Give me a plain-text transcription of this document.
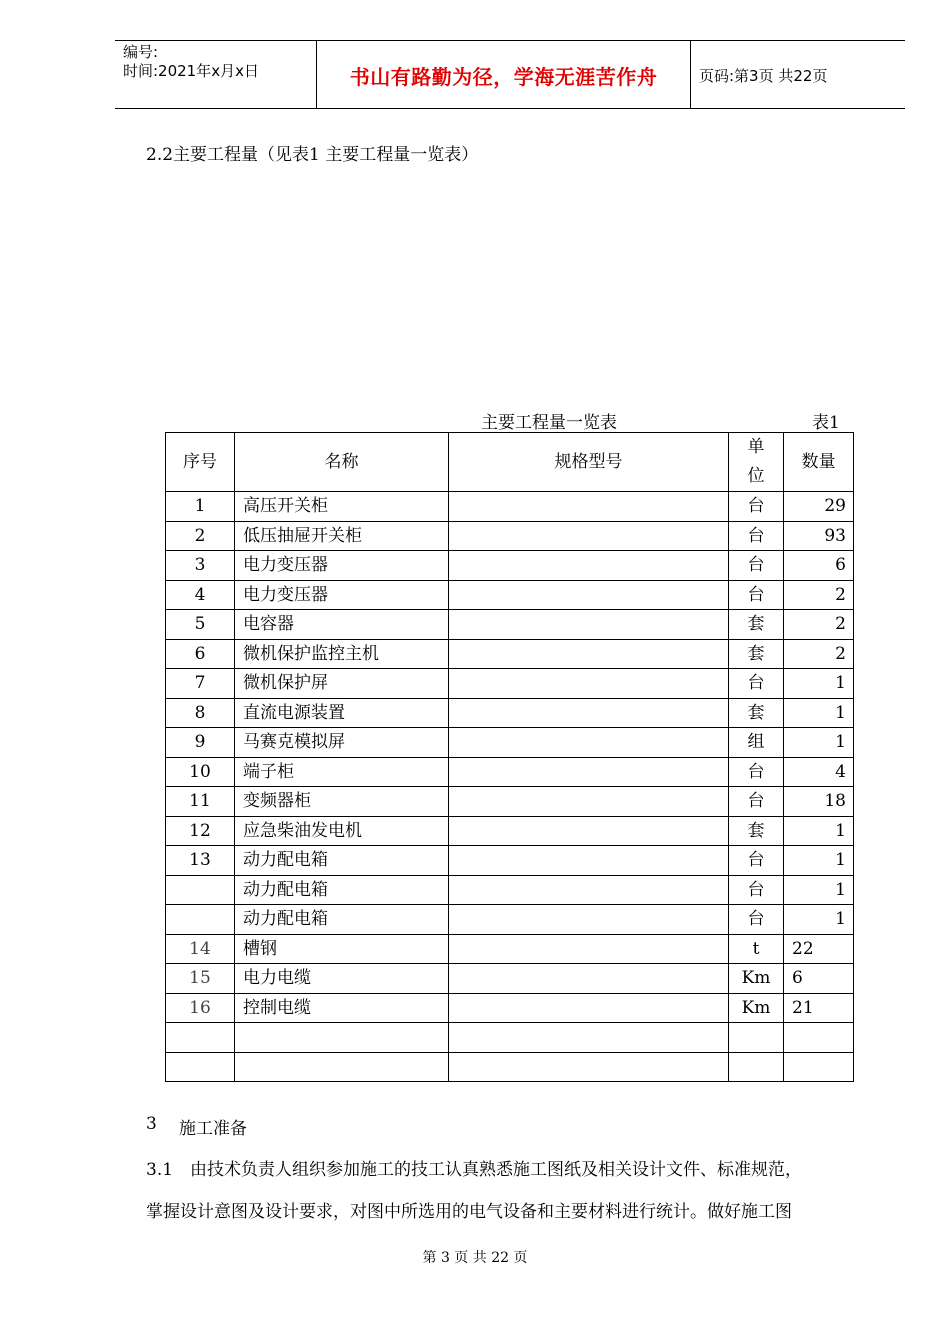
编号:
时间:2021年x月x日	书山有路勤为径，学海无涯苦作舟	页码:第3页 共22页
2.2主要工程量（见表1 主要工程量一览表）
主要工程量一览表	表1
序号	名称	规格型号	单位	数量
1	高压开关柜		台	29
2	低压抽屉开关柜		台	93
3	电力变压器		台	6
4	电力变压器		台	2
5	电容器		套	2
6	微机保护监控主机		套	2
7	微机保护屏		台	1
8	直流电源装置		套	1
9	马赛克模拟屏		组	1
10	端子柜		台	4
11	变频器柜		台	18
12	应急柴油发电机		套	1
13	动力配电箱		台	1
	动力配电箱		台	1
	动力配电箱		台	1
14	槽钢		t	22
15	电力电缆		Km	6
16	控制电缆		Km	21

3 施工准备
3.1　由技术负责人组织参加施工的技工认真熟悉施工图纸及相关设计文件、标准规范，
掌握设计意图及设计要求，对图中所选用的电气设备和主要材料进行统计。做好施工图
第 3 页 共 22 页
